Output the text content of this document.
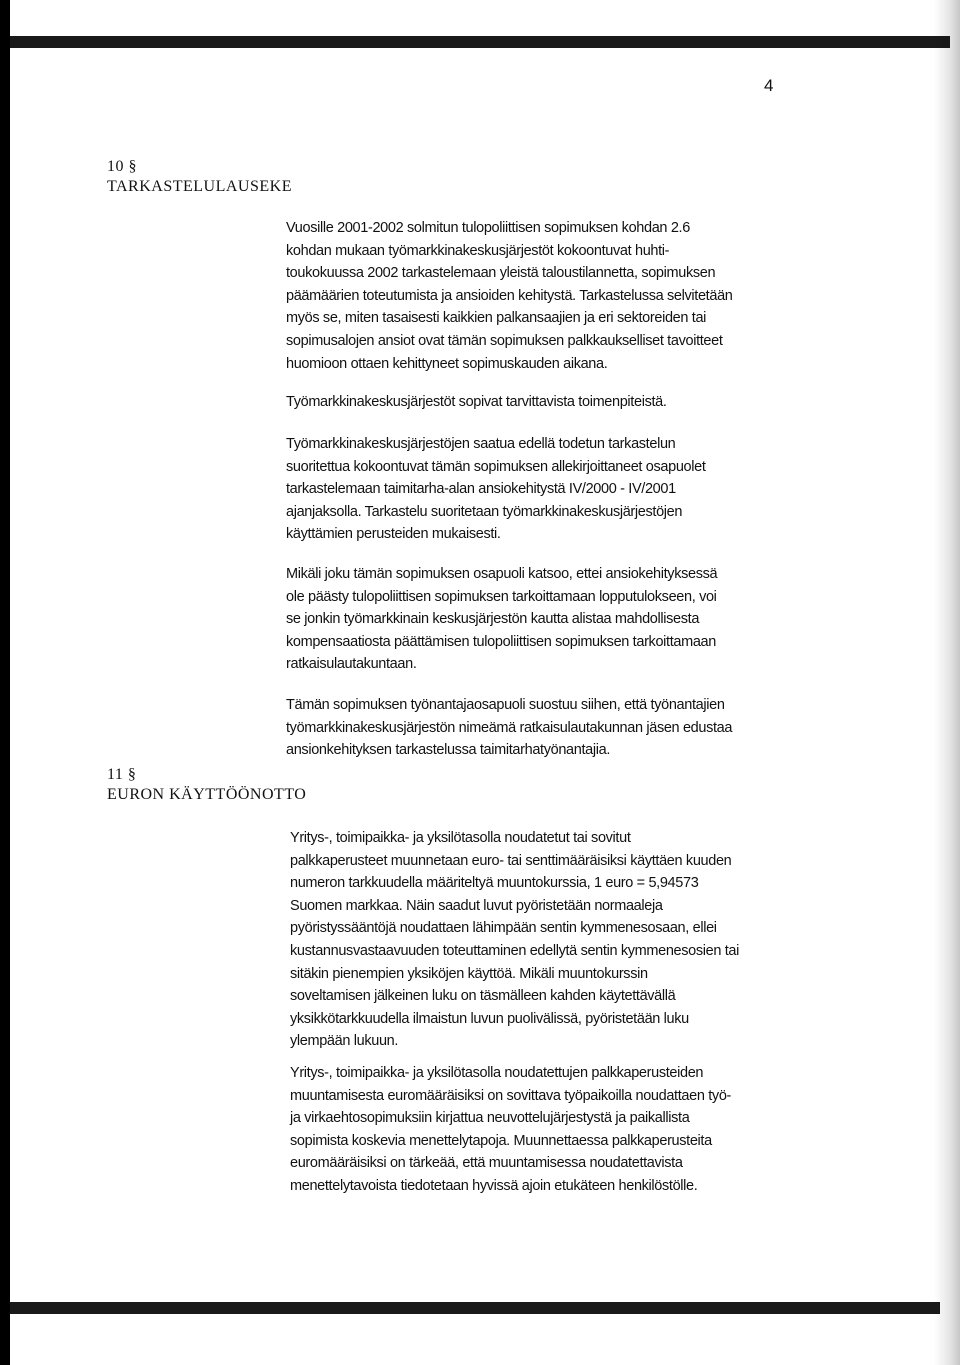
4
10 §
TARKASTELULAUSEKE

Vuosille 2001-2002 solmitun tulopoliittisen sopimuksen kohdan 2.6
kohdan mukaan työmarkkinakeskusjärjestöt kokoontuvat huhti-
toukokuussa 2002 tarkastelemaan yleistä taloustilannetta, sopimuksen
päämäärien toteutumista ja ansioiden kehitystä. Tarkastelussa selvitetään
myös se, miten tasaisesti kaikkien palkansaajien ja eri sektoreiden tai
sopimusalojen ansiot ovat tämän sopimuksen palkkaukselliset tavoitteet
huomioon ottaen kehittyneet sopimuskauden aikana.

Työmarkkinakeskusjärjestöt sopivat tarvittavista toimenpiteistä.

Työmarkkinakeskusjärjestöjen saatua edellä todetun tarkastelun
suoritettua kokoontuvat tämän sopimuksen allekirjoittaneet osapuolet
tarkastelemaan taimitarha-alan ansiokehitystä IV/2000 - IV/2001
ajanjaksolla. Tarkastelu suoritetaan työmarkkinakeskusjärjestöjen
käyttämien perusteiden mukaisesti.

Mikäli joku tämän sopimuksen osapuoli katsoo, ettei ansiokehityksessä
ole päästy tulopoliittisen sopimuksen tarkoittamaan lopputulokseen, voi
se jonkin työmarkkinain keskusjärjestön kautta alistaa mahdollisesta
kompensaatiosta päättämisen tulopoliittisen sopimuksen tarkoittamaan
ratkaisulautakuntaan.

Tämän sopimuksen työnantajaosapuoli suostuu siihen, että työnantajien
työmarkkinakeskusjärjestön nimeämä ratkaisulautakunnan jäsen edustaa
ansionkehityksen tarkastelussa taimitarhatyönantajia.

11 §
EURON KÄYTTÖÖNOTTO

Yritys-, toimipaikka- ja yksilötasolla noudatetut tai sovitut
palkkaperusteet muunnetaan euro- tai senttimääräisiksi käyttäen kuuden
numeron tarkkuudella määriteltyä muuntokurssia, 1 euro = 5,94573
Suomen markkaa. Näin saadut luvut pyöristetään normaaleja
pyöristyssääntöjä noudattaen lähimpään sentin kymmenesosaan, ellei
kustannusvastaavuuden toteuttaminen edellytä sentin kymmenesosien tai
sitäkin pienempien yksiköjen käyttöä. Mikäli muuntokurssin
soveltamisen jälkeinen luku on täsmälleen kahden käytettävällä
yksikkötarkkuudella ilmaistun luvun puolivälissä, pyöristetään luku
ylempään lukuun.

Yritys-, toimipaikka- ja yksilötasolla noudatettujen palkkaperusteiden
muuntamisesta euromääräisiksi on sovittava työpaikoilla noudattaen työ-
ja virkaehtosopimuksiin kirjattua neuvottelujärjestystä ja paikallista
sopimista koskevia menettelytapoja. Muunnettaessa palkkaperusteita
euromääräisiksi on tärkeää, että muuntamisessa noudatettavista
menettelytavoista tiedotetaan hyvissä ajoin etukäteen henkilöstölle.
